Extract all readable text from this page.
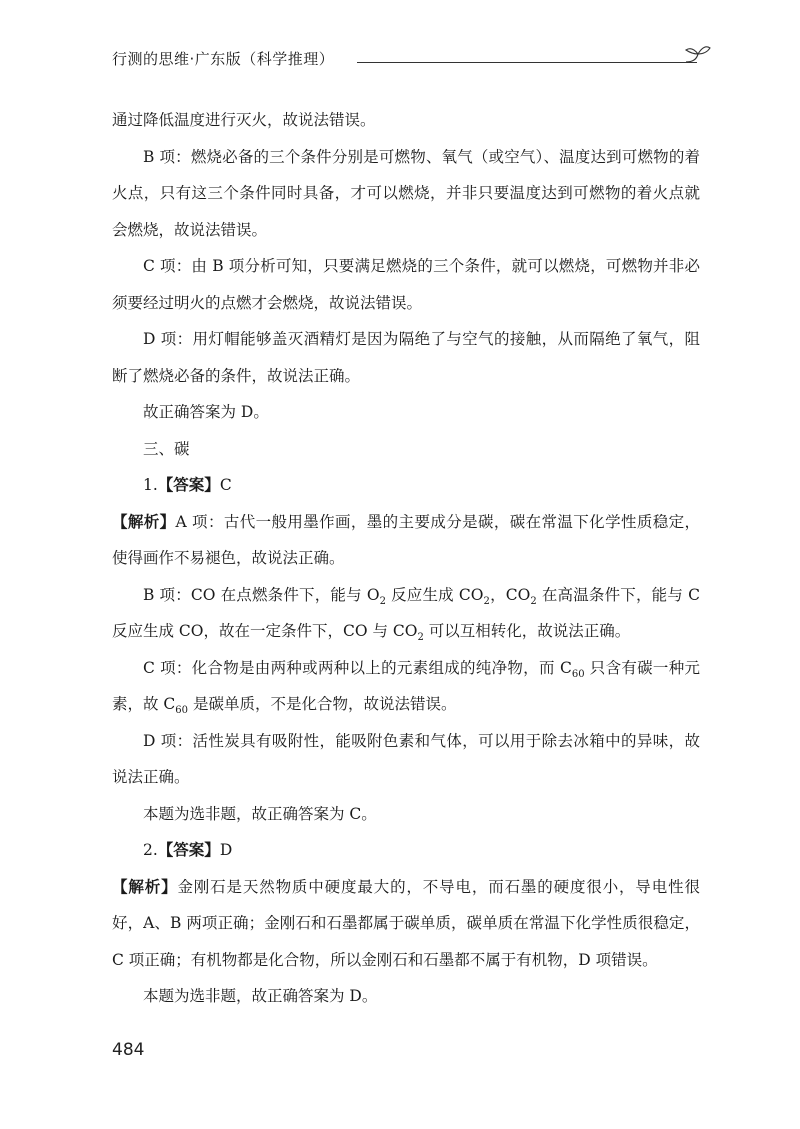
行测的思维·广东版（科学推理）

通过降低温度进行灭火，故说法错误。

B 项：燃烧必备的三个条件分别是可燃物、氧气（或空气）、温度达到可燃物的着火点，只有这三个条件同时具备，才可以燃烧，并非只要温度达到可燃物的着火点就会燃烧，故说法错误。

C 项：由 B 项分析可知，只要满足燃烧的三个条件，就可以燃烧，可燃物并非必须要经过明火的点燃才会燃烧，故说法错误。

D 项：用灯帽能够盖灭酒精灯是因为隔绝了与空气的接触，从而隔绝了氧气，阻断了燃烧必备的条件，故说法正确。

故正确答案为 D。

三、碳

1.【答案】C

【解析】A 项：古代一般用墨作画，墨的主要成分是碳，碳在常温下化学性质稳定，使得画作不易褪色，故说法正确。

B 项：CO 在点燃条件下，能与 $O_2$ 反应生成 $CO_2$，$CO_2$ 在高温条件下，能与 C 反应生成 CO，故在一定条件下，CO 与 $CO_2$ 可以互相转化，故说法正确。

C 项：化合物是由两种或两种以上的元素组成的纯净物，而 $C_{60}$ 只含有碳一种元素，故 $C_{60}$ 是碳单质，不是化合物，故说法错误。

D 项：活性炭具有吸附性，能吸附色素和气体，可以用于除去冰箱中的异味，故说法正确。

本题为选非题，故正确答案为 C。

2.【答案】D

【解析】金刚石是天然物质中硬度最大的，不导电，而石墨的硬度很小，导电性很好，A、B 两项正确；金刚石和石墨都属于碳单质，碳单质在常温下化学性质很稳定，C 项正确；有机物都是化合物，所以金刚石和石墨都不属于有机物，D 项错误。

本题为选非题，故正确答案为 D。

484
